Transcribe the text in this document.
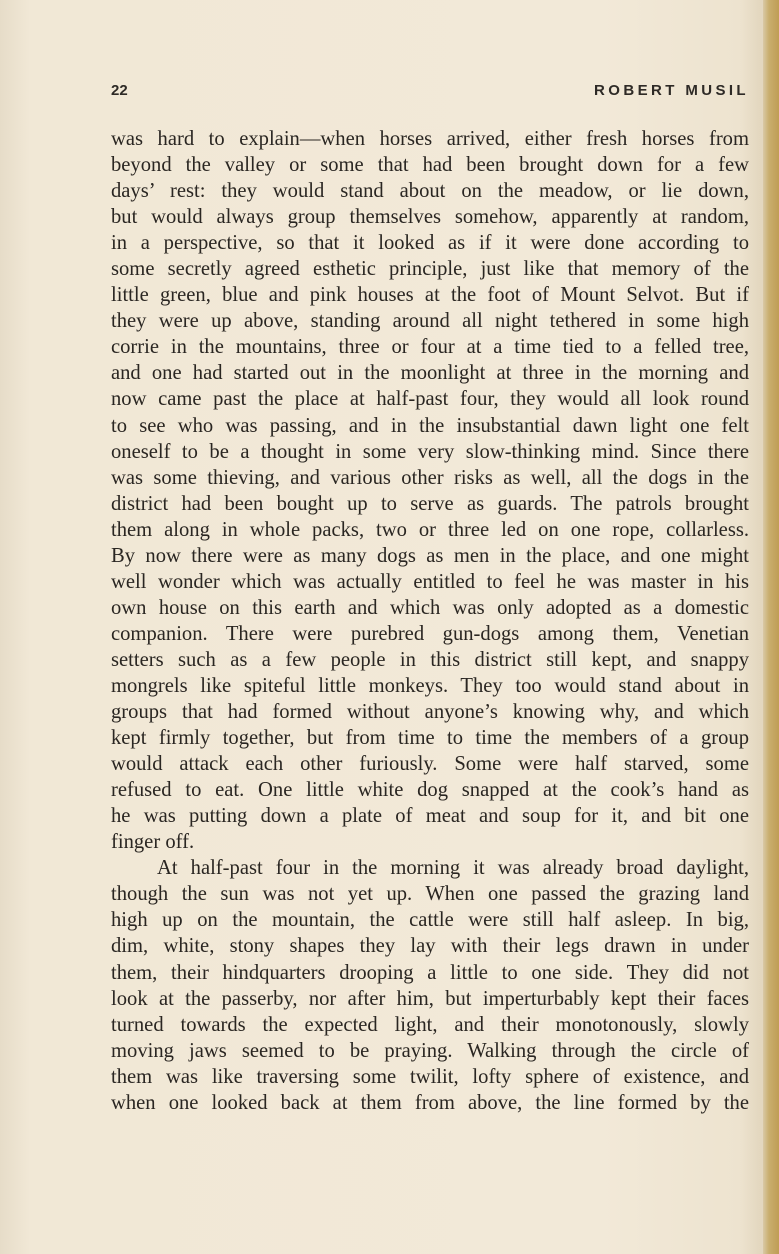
22	ROBERT MUSIL
was hard to explain—when horses arrived, either fresh horses from
beyond the valley or some that had been brought down for a few
days’ rest: they would stand about on the meadow, or lie down,
but would always group themselves somehow, apparently at random,
in a perspective, so that it looked as if it were done according to
some secretly agreed esthetic principle, just like that memory of the
little green, blue and pink houses at the foot of Mount Selvot. But if
they were up above, standing around all night tethered in some high
corrie in the mountains, three or four at a time tied to a felled tree,
and one had started out in the moonlight at three in the morning and
now came past the place at half-past four, they would all look round
to see who was passing, and in the insubstantial dawn light one felt
oneself to be a thought in some very slow-thinking mind. Since there
was some thieving, and various other risks as well, all the dogs in the
district had been bought up to serve as guards. The patrols brought
them along in whole packs, two or three led on one rope, collarless.
By now there were as many dogs as men in the place, and one might
well wonder which was actually entitled to feel he was master in his
own house on this earth and which was only adopted as a domestic
companion. There were purebred gun-dogs among them, Venetian
setters such as a few people in this district still kept, and snappy
mongrels like spiteful little monkeys. They too would stand about in
groups that had formed without anyone’s knowing why, and which
kept firmly together, but from time to time the members of a group
would attack each other furiously. Some were half starved, some
refused to eat. One little white dog snapped at the cook’s hand as
he was putting down a plate of meat and soup for it, and bit one
finger off.
At half-past four in the morning it was already broad daylight,
though the sun was not yet up. When one passed the grazing land
high up on the mountain, the cattle were still half asleep. In big,
dim, white, stony shapes they lay with their legs drawn in under
them, their hindquarters drooping a little to one side. They did not
look at the passerby, nor after him, but imperturbably kept their faces
turned towards the expected light, and their monotonously, slowly
moving jaws seemed to be praying. Walking through the circle of
them was like traversing some twilit, lofty sphere of existence, and
when one looked back at them from above, the line formed by the
